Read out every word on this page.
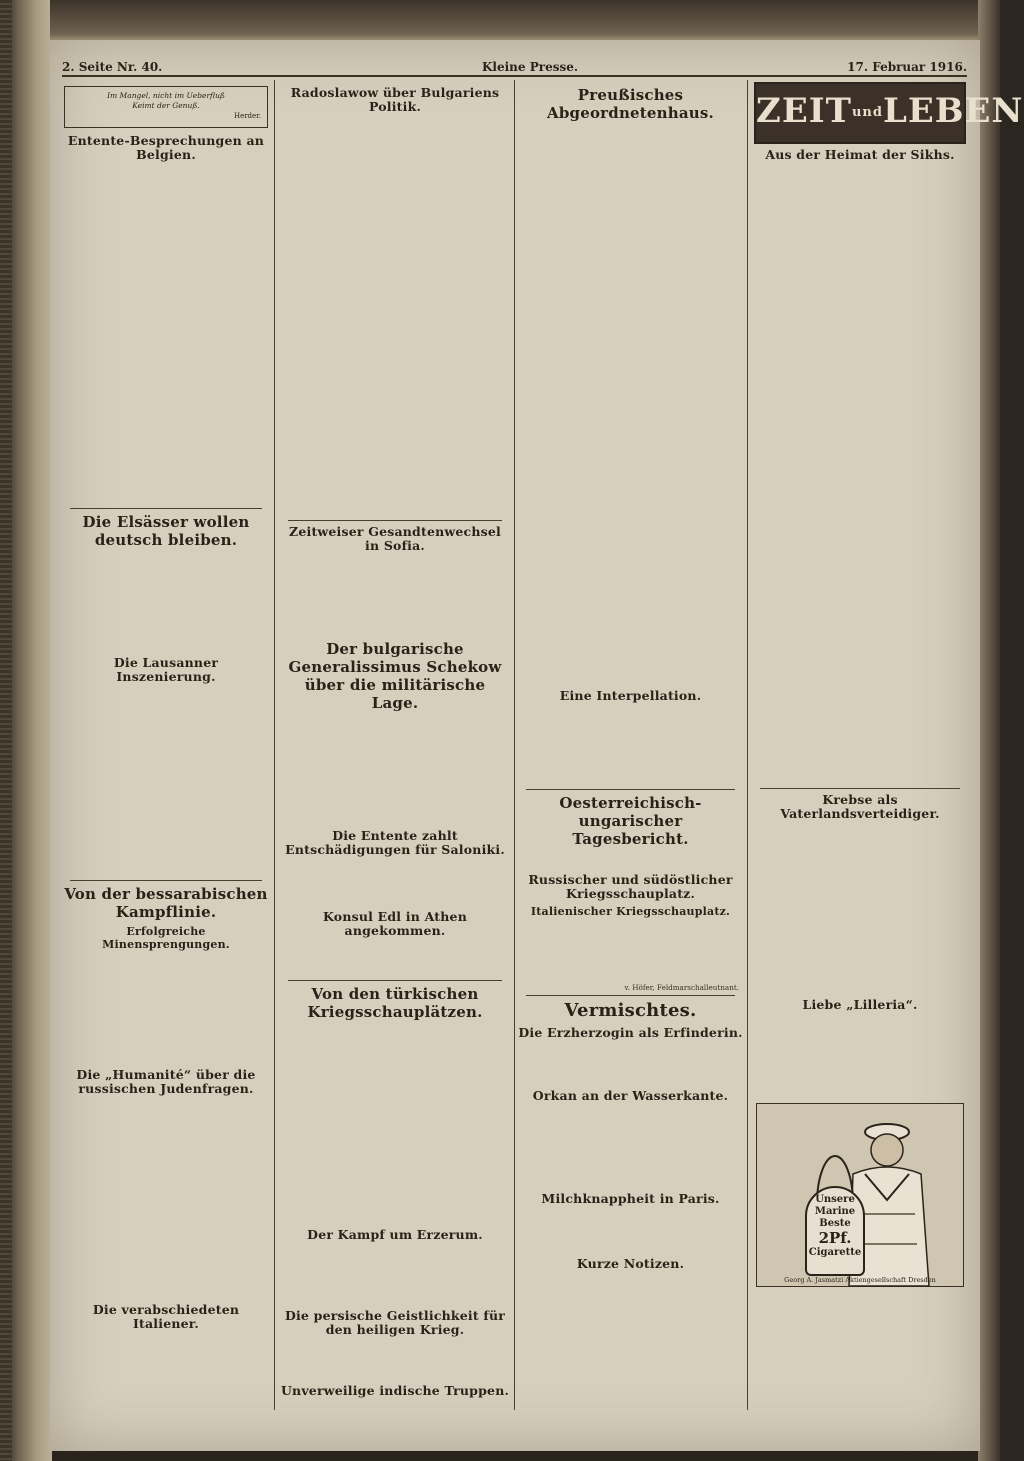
2. Seite Nr. 40.	Kleine Presse.	17. Februar 1916.
Im Mangel, nicht im Ueberfluß
Keimt der Genuß.
Herder.
Entente-Besprechungen an Belgien.
Die Elsässer wollen deutsch bleiben.
Die Lausanner Inszenierung.
Von der bessarabischen Kampflinie.
Erfolgreiche Minensprengungen.
Die „Humanité“ über die russischen Judenfragen.
Die verabschiedeten Italiener.
Radoslawow über Bulgariens Politik.
Zeitweiser Gesandtenwechsel in Sofia.
Der bulgarische Generalissimus Schekow über die militärische Lage.
Die Entente zahlt Entschädigungen für Saloniki.
Konsul Edl in Athen angekommen.
Von den türkischen Kriegsschauplätzen.
Der Kampf um Erzerum.
Die persische Geistlichkeit für den heiligen Krieg.
Unverweilige indische Truppen.
Preußisches Abgeordnetenhaus.
Eine Interpellation.
Oesterreichisch-ungarischer Tagesbericht.
Russischer und südöstlicher Kriegsschauplatz.
Italienischer Kriegsschauplatz.
v. Höfer, Feldmarschalleutnant.
Vermischtes.
Die Erzherzogin als Erfinderin.
Orkan an der Wasserkante.
Milchknappheit in Paris.
Kurze Notizen.
ZEITundLEBEN
Aus der Heimat der Sikhs.
Krebse als Vaterlandsverteidiger.
Liebe „Lilleria“.
Unsere
Marine
Beste
2Pf.
Cigarette
Georg A. Jasmatzi Aktiengesellschaft Dresden
